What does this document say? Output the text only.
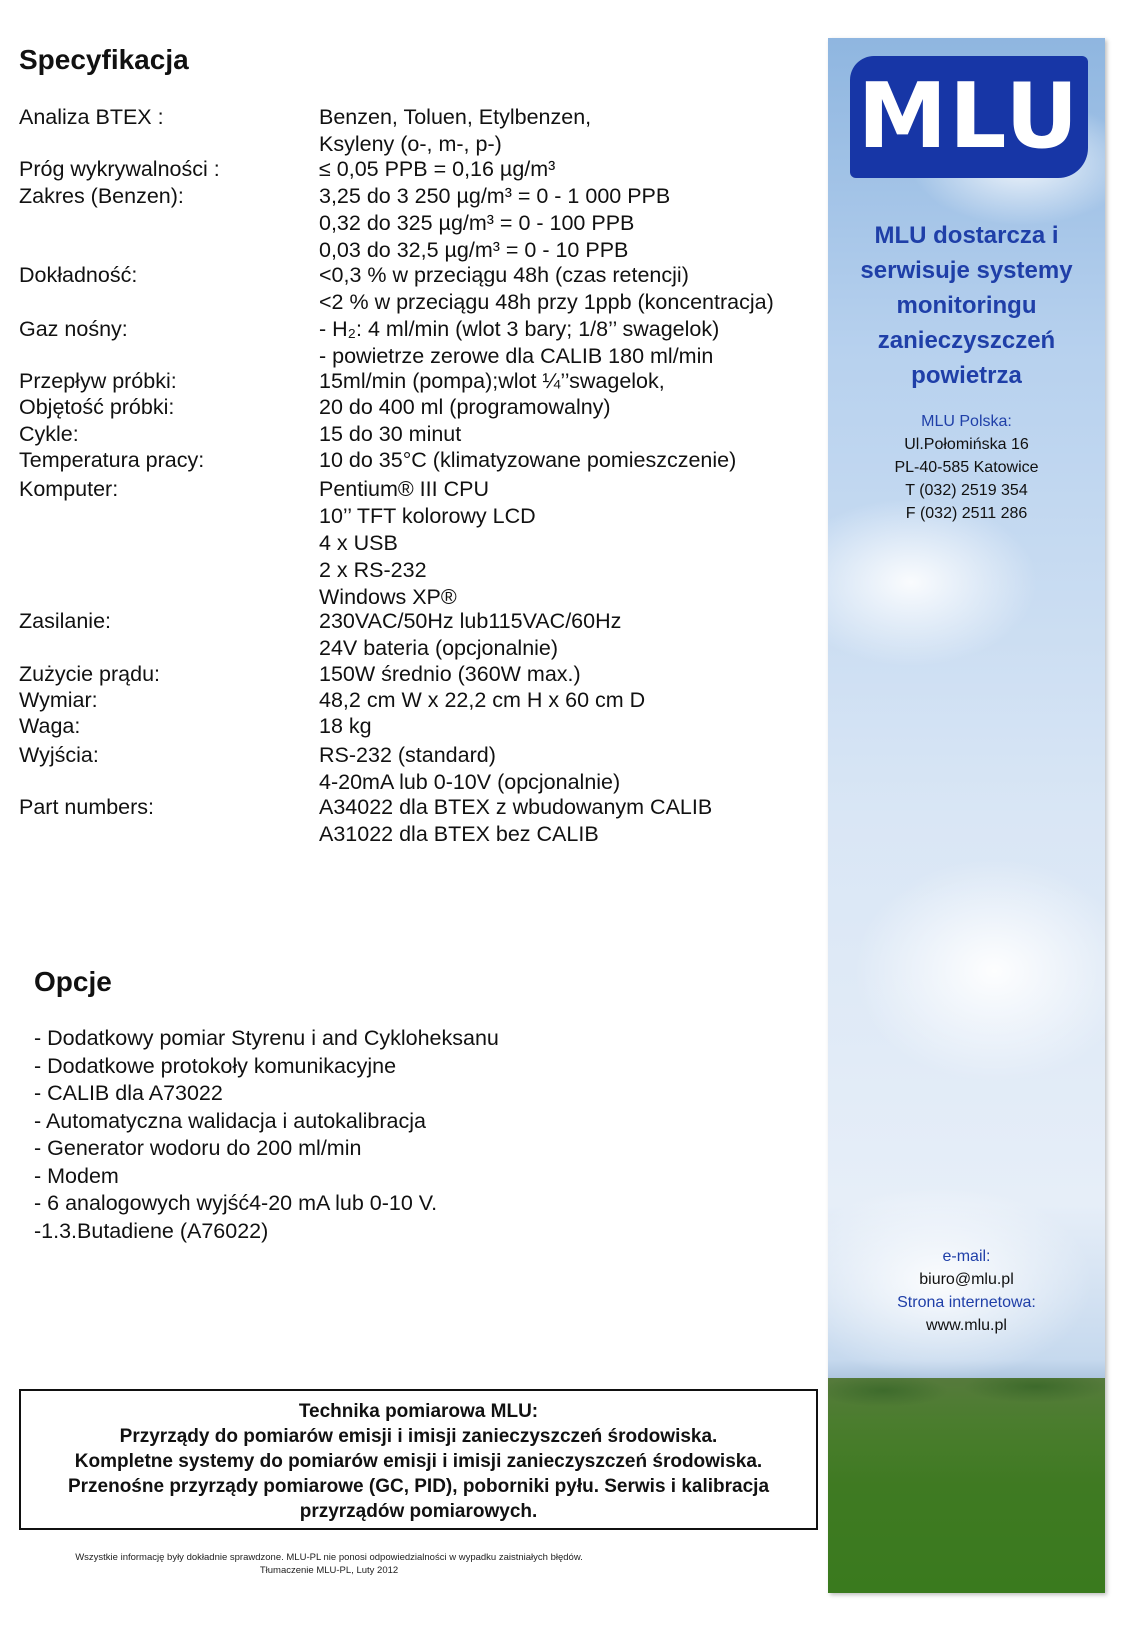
Specyfikacja
Analiza BTEX :	Benzen, Toluen, Etylbenzen,
Ksyleny (o-, m-, p-)
Próg wykrywalności :	≤ 0,05 PPB = 0,16 µg/m³
Zakres (Benzen):	3,25 do 3 250 µg/m³ = 0 - 1 000 PPB
0,32 do 325 µg/m³ = 0 - 100 PPB
0,03 do 32,5 µg/m³ = 0 - 10 PPB
Dokładność:	<0,3 % w przeciągu 48h (czas retencji)
<2 % w przeciągu 48h przy 1ppb (koncentracja)
Gaz nośny:	- H₂: 4 ml/min (wlot 3 bary; 1/8’’ swagelok)
- powietrze zerowe dla CALIB 180 ml/min
Przepływ próbki:	15ml/min (pompa);wlot ¼’’swagelok,
Objętość próbki:	20 do 400 ml (programowalny)
Cykle:	15 do 30 minut
Temperatura pracy:	10 do 35°C (klimatyzowane pomieszczenie)
Komputer:	Pentium® III CPU
10’’ TFT kolorowy LCD
4 x USB
2 x RS-232
Windows XP®
Zasilanie:	230VAC/50Hz lub115VAC/60Hz
24V bateria (opcjonalnie)
Zużycie prądu:	150W średnio (360W max.)
Wymiar:	48,2 cm W x 22,2 cm H x 60 cm D
Waga:	18 kg
Wyjścia:	RS-232 (standard)
4-20mA lub 0-10V (opcjonalnie)
Part numbers:	A34022 dla BTEX z wbudowanym CALIB
A31022 dla BTEX bez CALIB
Opcje
- Dodatkowy pomiar Styrenu i and Cykloheksanu
- Dodatkowe protokoły komunikacyjne
- CALIB dla A73022
- Automatyczna walidacja i autokalibracja
- Generator wodoru do 200 ml/min
- Modem
- 6 analogowych wyjść4-20 mA lub 0-10 V.
-1.3.Butadiene (A76022)
Technika pomiarowa MLU:
Przyrządy do pomiarów emisji i imisji zanieczyszczeń środowiska.
Kompletne systemy do pomiarów emisji i imisji zanieczyszczeń środowiska.
Przenośne przyrządy pomiarowe (GC, PID), poborniki pyłu. Serwis i kalibracja
przyrządów pomiarowych.
Wszystkie informację były dokładnie sprawdzone. MLU-PL nie ponosi odpowiedzialności w wypadku zaistniałych błędów.
Tłumaczenie MLU-PL, Luty 2012
MLU
MLU dostarcza i
serwisuje systemy
monitoringu
zanieczyszczeń
powietrza
MLU Polska:
Ul.Połomińska 16
PL-40-585 Katowice
T (032) 2519 354
F (032) 2511 286
e-mail:
biuro@mlu.pl
Strona internetowa:
www.mlu.pl
